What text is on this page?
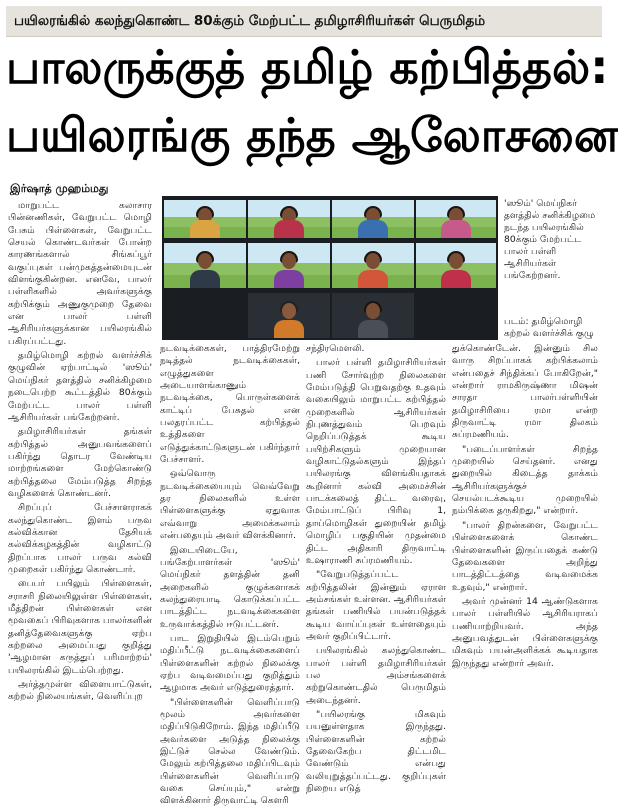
பயிலரங்கில் கலந்துகொண்ட 80க்கும் மேற்பட்ட தமிழாசிரியர்கள் பெருமிதம்
பாலருக்குத் தமிழ் கற்பித்தல்:
பயிலரங்கு தந்த ஆலோசனை
இர்ஷாத் முஹம்மது

மாறுபட்ட கலாசார பின்னணிகள், வேறுபட்ட மொழி பேசும் பிள்ளைகள், வேறுபட்ட செயல் கொண்டவர்கள் போன்ற காரணங்களால் சிங்கப்பூர் வகுப்புகள் பன்முகத்தன்மையுடன் விளங்குகின்றன. எனவே, பாலர் பள்ளிகளில் அவர்களுக்கு கற்பிக்கும் அணுகுமுறை தேவை என பாலர் பள்ளி ஆசிரியர்களுக்கான பயிலரங்கில் பகிரப்பட்டது.

தமிழ்மொழி கற்றல் வளர்ச்சிக் குழுவின் ஏற்பாட்டில் 'ஸூம்' மெய்நிகர் தளத்தில் சனிக்கிழமை நடைபெற்ற கூட்டத்தில் 80க்கும் மேற்பட்ட பாலர் பள்ளி ஆசிரியர்கள் பங்கேற்றனர்.

தமிழாசிரியர்கள் தங்கள் கற்பித்தல் அனுபவங்களைப் பகிர்ந்து தொடர வேண்டிய மாற்றங்களை மேற்கொண்டு கற்பித்தலை மேம்படுத்த சிறந்த வழிகளைக் கொண்டனர்.

சிறப்புப் பேச்சாளராகக் கலந்துகொண்ட இளம் பருவ கல்விக்கான தேசியக் கல்விக்கழகத்தின் வழிகாட்டு திறப்பாக பாலர் பருவ கல்வி முறைகள் பகிர்ந்து கொண்டார்.

பைபர் பயிலும் பிள்ளைகள், சராசரி நிலையிலுள்ள பிள்ளைகள், மீத்திறன் பிள்ளைகள் என மூவகைப் பிரிவுகளாக பாலர்களின் தனித்தேவைகளுக்கு ஏற்ப கற்றலை அமைப்பது குறித்து 'ஆழமான கருத்துப் பரிமாற்றம்' பயிலரங்கில் இடம்பெற்றது.

அர்த்தமுள்ள விளையாட்டுகள், கற்றல் நிலையங்கள், வெளிப்புற

'ஸூம்' மெய்நிகர் தளத்தில் சனிக்கிழமை நடந்த பயிலரங்கில் 80க்கும் மேற்பட்ட பாலர் பள்ளி ஆசிரியர்கள் பங்கேற்றனர்.
படம்: தமிழ்மொழி கற்றல் வளர்ச்சிக் குழு

நடவடிக்கைகள், பாத்திரமேற்று நடித்தல் நடவடிக்கைகள், எழுத்துகளை அடையாளங்காணும் நடவடிக்கை, பொருள்களைக் காட்டிப் பேசுதல் என பலதரப்பட்ட கற்பித்தல் உத்திகளை எடுத்துக்காட்டுகளுடன் பகிர்ந்தார் பேச்சாளர்.

ஒவ்வொரு நடவடிக்கையையும் வெவ்வேறு தர நிலைகளில் உள்ள பிள்ளைகளுக்கு ஏதுவாக எவ்வாறு அமைக்கலாம் என்பதையும் அவர் விளக்கினார்.

இடையிடையே, பங்கேற்பாளர்கள் 'ஸூம்' மெய்நிகர் தளத்தின் தனி அறைகளில் குழுக்களாகக் கலந்துரையாடி கொடுக்கப்பட்ட பாடத்திட்ட நடவடிக்கைகளை உருவாக்கத்தில் ஈடுபட்டனர்.

பாட இறுதியில் இடம்பெறும் மதிப்பீட்டு நடவடிக்கைகளைப் பிள்ளைகளின் கற்றல் நிலைக்கு ஏற்ப வடிவமைப்பது குறித்தும் ஆழமாக அவர் எடுத்துரைத்தார்.

"பிள்ளைகளின் வெளிப்பாடு மூலம் அவர்களை மதிப்பிடுகிறோம். இந்த மதிப்பீடு அவர்களை அடுத்த நிலைக்கு இட்டுச் செல்ல வேண்டும். மேலும் கற்பித்தலை மதிப்பிடவும் பிள்ளைகளின் வெளிப்பாடு வகை செய்யும்," என்று விளக்கினார் திருவாட்டி கௌரி

சந்திரமௌலி.

பாலர் பள்ளி தமிழாசிரியர்கள் பணி சோர்வுற்ற நிலைகளை மேம்படுத்தி பெறுவதற்கு உதவும் வகையிலும் மாறுபட்ட கற்பித்தல் முறைகளில் ஆசிரியர்கள் நிபுணத்துவம் பெறவும் நெறிப்படுத்தக் கூடிய பயிற்சிகளும் முறையான வழிகாட்டுதல்களும் இந்தப் பயிலரங்கு விளங்கியதாகக் கூறினார் கல்வி அமைச்சின் பாடக்கலைத் திட்ட வரைவு, மேம்பாட்டுப் பிரிவு 1, தாய்மொழிகள் துறையின் தமிழ் மொழிப் பகுதியின் முதன்மை திட்ட அதிகாரி திருவாட்டி உஷாராணி சுப்ரமணியம்.

"வேறுபடுத்தப்பட்ட கற்பித்தலின் இன்னும் ஏராள அம்சங்கள் உள்ளன. ஆசிரியர்கள் தங்கள் பணியில் பயன்படுத்தக் கூடிய வாய்ப்புகள் உள்ளதையும் அவர் குறிப்பிட்டார்.

பயிலரங்கில் கலந்துகொண்ட பாலர் பள்ளி தமிழாசிரியர்கள் பல அம்சங்களைக் கற்றுகொண்டதில் பெருமிதம் அடைந்தனர்.

"பயிலரங்கு மிகவும் பயனுள்ளதாக இருந்தது. பிள்ளைகளின் கற்றல் தேவைகேற்ப திட்டமிட வேண்டும் என்பது வலியுறுத்தப்பட்டது. குறிப்புகள் நிறைய எடுத்

துக்கொண்டேன். இன்னும் சில வாரு சிறப்பாகக் கற்பிக்கலாம் என்பதைச் சிந்திக்கப் போகிறேன்," என்றார் ராமகிருஷ்ணா மிஷன் சாரதா பாலர்பள்ளியின் தமிழாசிரியை ரமா என்ற திருவாட்டி ரமா திலகம் சுப்ரமணியம்.

"படைப்பாளர்கள் சிறந்த முறையில் செய்தனர். எனது துறையில் கிடைத்த தாக்கம் ஆசிரியர்களுக்குச் செயல்படக்கூடிய முறையில் நம்பிக்கை தருகிறது," என்றார்.

"பாலர் திறன்களை, வேறுபட்ட பிள்ளைகளைக் கொண்ட பிள்ளைகளின் இருப்பதைக் கண்டு தேவைகளை அறிந்து பாடத்திட்டத்தை வடிவமைக்க உதவும்," என்றார்.

அவர் முன்னர் 14 ஆண்டுகளாக பாலர் பள்ளியில் ஆசிரியராகப் பணியாற்றியவர். அந்த அனுபவத்துடன் பிள்ளைகளுக்கு மிகவும் பயன்அளிக்கக் கூடியதாக இருந்தது என்றார் அவர்.
